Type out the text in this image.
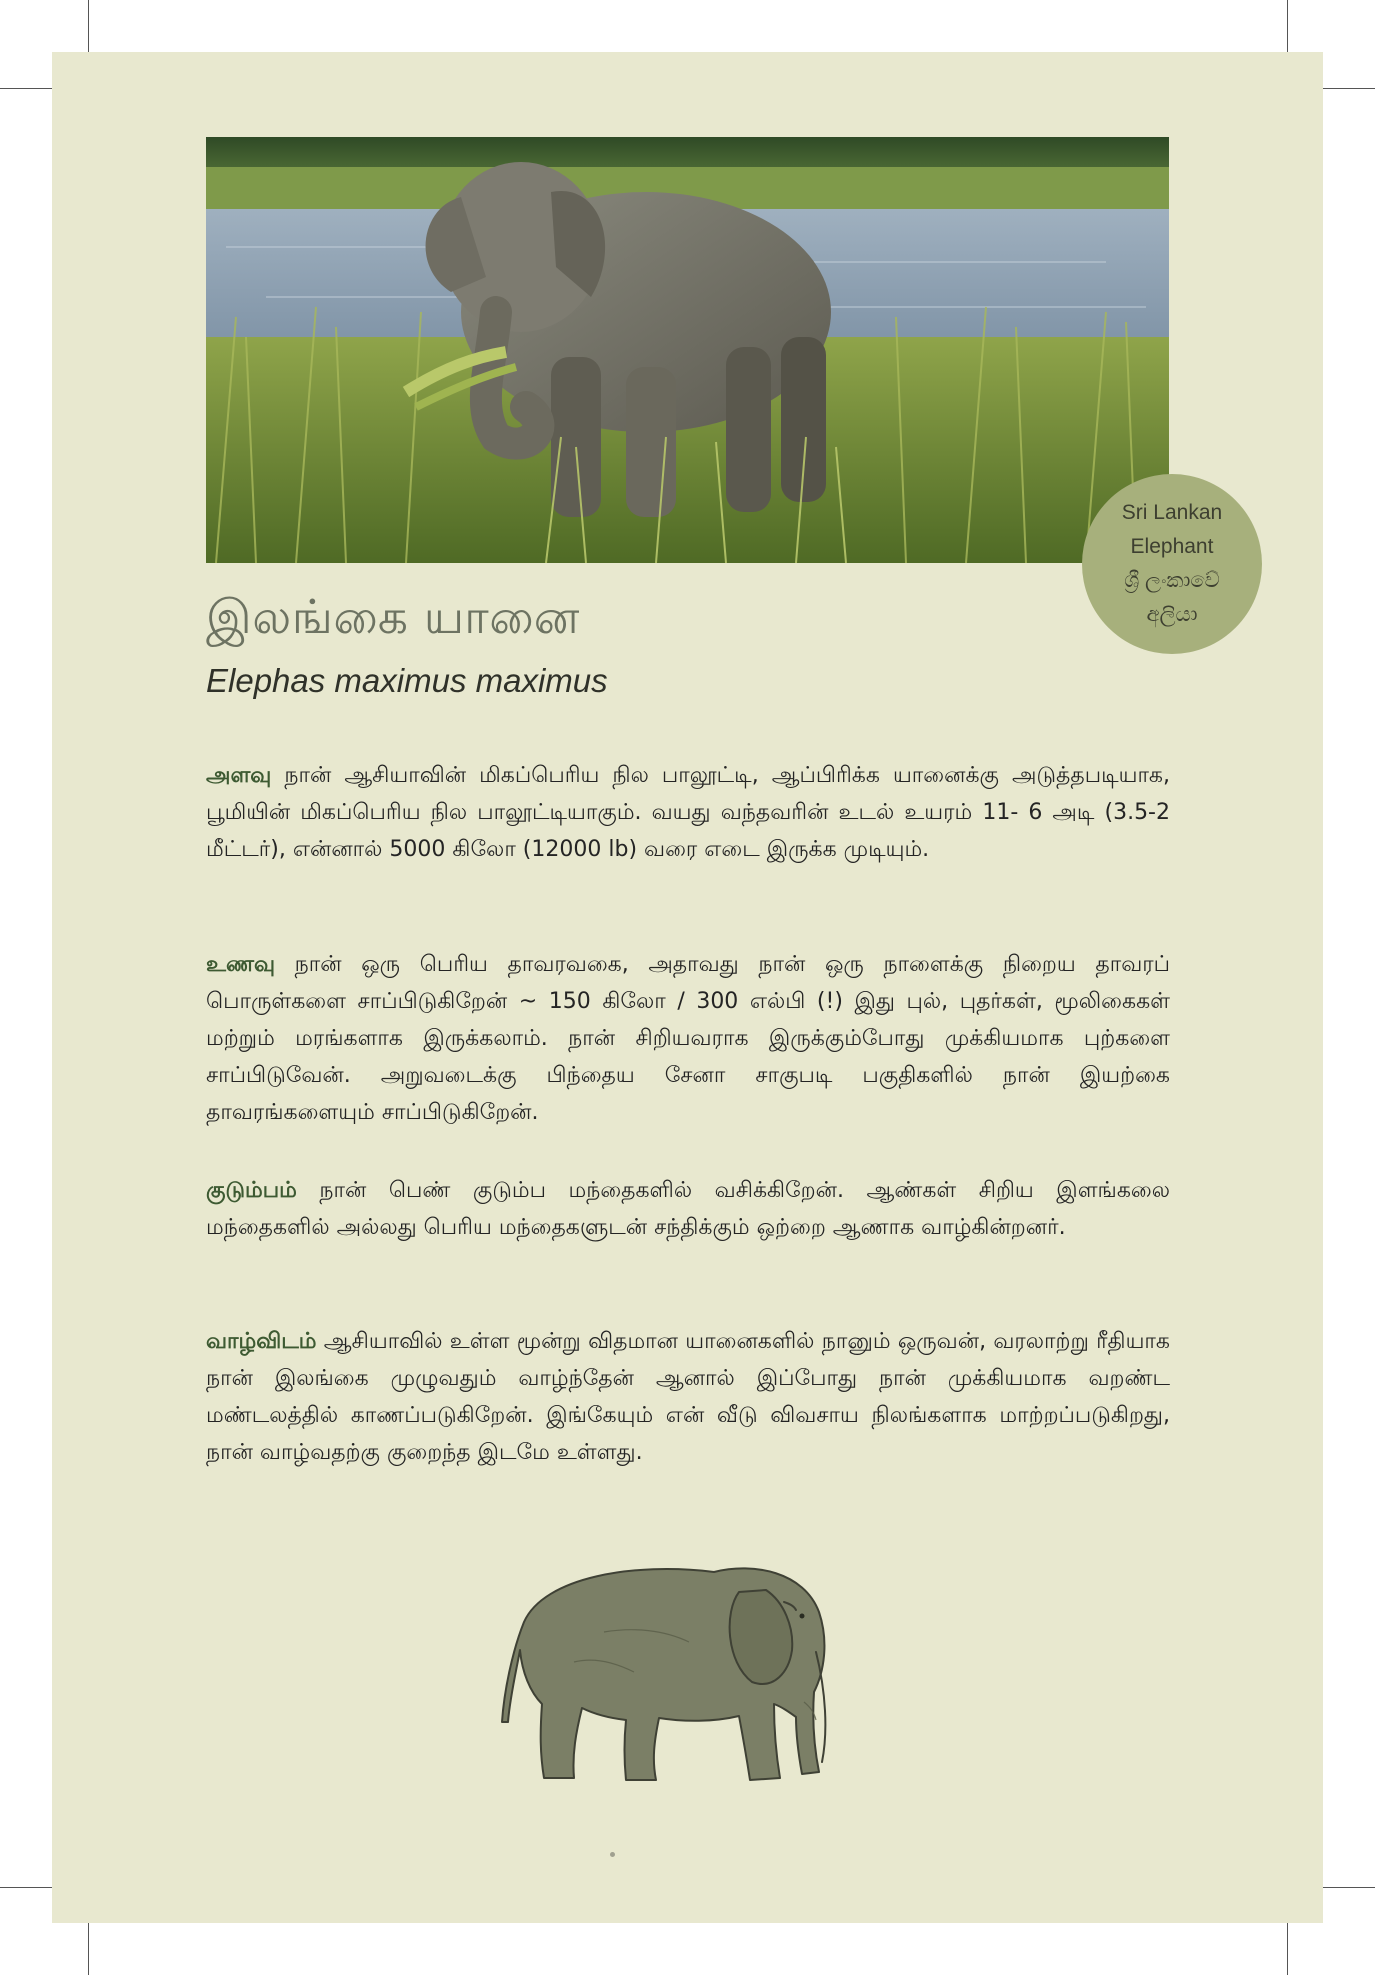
Sri Lankan
Elephant
ශ්‍රී ලංකාවේ
අලියා
இலங்கை யானை
Elephas maximus maximus

அளவு நான் ஆசியாவின் மிகப்பெரிய நில பாலூட்டி, ஆப்பிரிக்க யானைக்கு அடுத்தபடியாக, பூமியின் மிகப்பெரிய நில பாலூட்டியாகும். வயது வந்தவரின் உடல் உயரம் 11- 6 அடி (3.5-2 மீட்டர்), என்னால் 5000 கிலோ (12000 lb) வரை எடை இருக்க முடியும்.

உணவு நான் ஒரு பெரிய தாவரவகை, அதாவது நான் ஒரு நாளைக்கு நிறைய தாவரப் பொருள்களை சாப்பிடுகிறேன் ~ 150 கிலோ / 300 எல்பி (!) இது புல், புதர்கள், மூலிகைகள் மற்றும் மரங்களாக இருக்கலாம். நான் சிறியவராக இருக்கும்போது முக்கியமாக புற்களை சாப்பிடுவேன். அறுவடைக்கு பிந்தைய சேனா சாகுபடி பகுதிகளில் நான் இயற்கை தாவரங்களையும் சாப்பிடுகிறேன்.

குடும்பம் நான் பெண் குடும்ப மந்தைகளில் வசிக்கிறேன். ஆண்கள் சிறிய இளங்கலை மந்தைகளில் அல்லது பெரிய மந்தைகளுடன் சந்திக்கும் ஒற்றை ஆணாக வாழ்கின்றனர்.

வாழ்விடம் ஆசியாவில் உள்ள மூன்று விதமான யானைகளில் நானும் ஒருவன், வரலாற்று ரீதியாக நான் இலங்கை முழுவதும் வாழ்ந்தேன் ஆனால் இப்போது நான் முக்கியமாக வறண்ட மண்டலத்தில் காணப்படுகிறேன். இங்கேயும் என் வீடு விவசாய நிலங்களாக மாற்றப்படுகிறது, நான் வாழ்வதற்கு குறைந்த இடமே உள்ளது.
